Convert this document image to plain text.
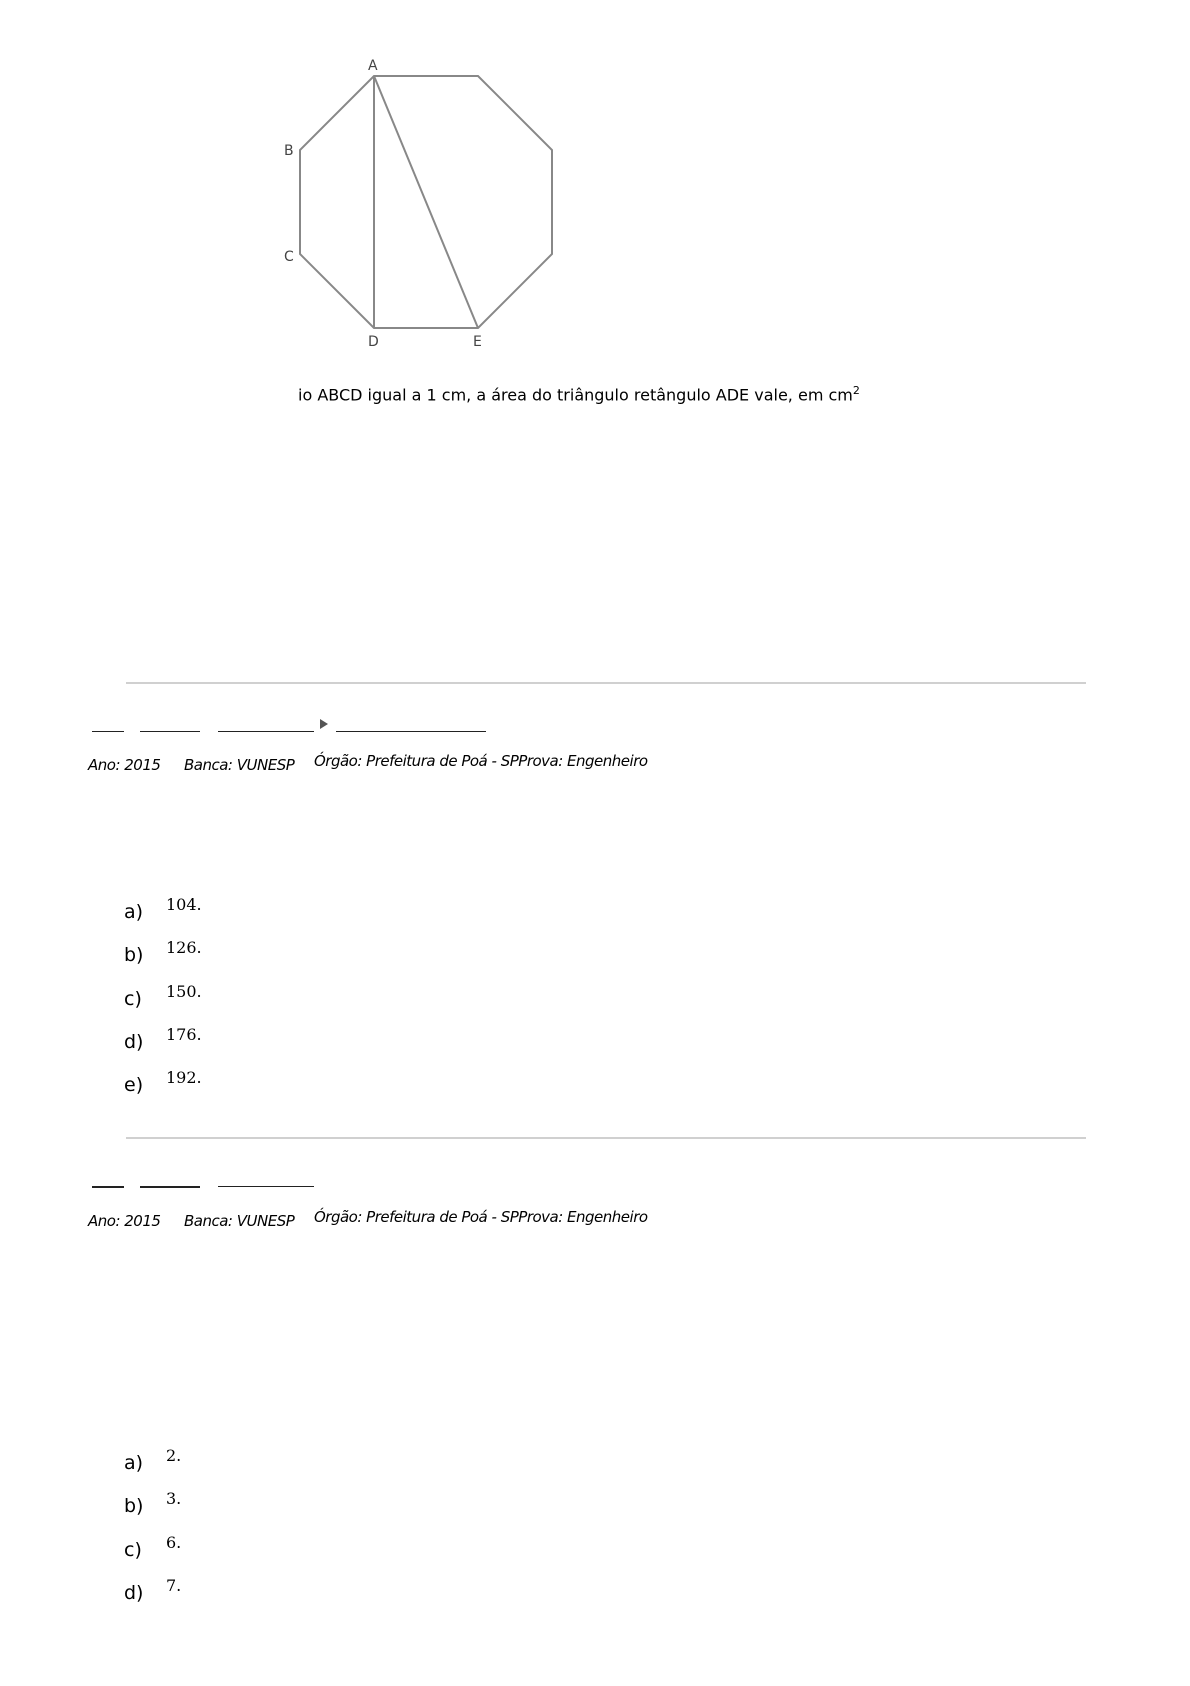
A
B
C
D	E
io ABCD igual a 1 cm, a área do triângulo retângulo ADE vale, em $cm^2$
Ano: 2015 Banca: VUNESP Órgão: Prefeitura de Poá - SPProva: Engenheiro
a) 104.
b) 126.
c) 150.
d) 176.
e) 192.
Ano: 2015 Banca: VUNESP Órgão: Prefeitura de Poá - SPProva: Engenheiro
a) 2.
b) 3.
c) 6.
d) 7.
